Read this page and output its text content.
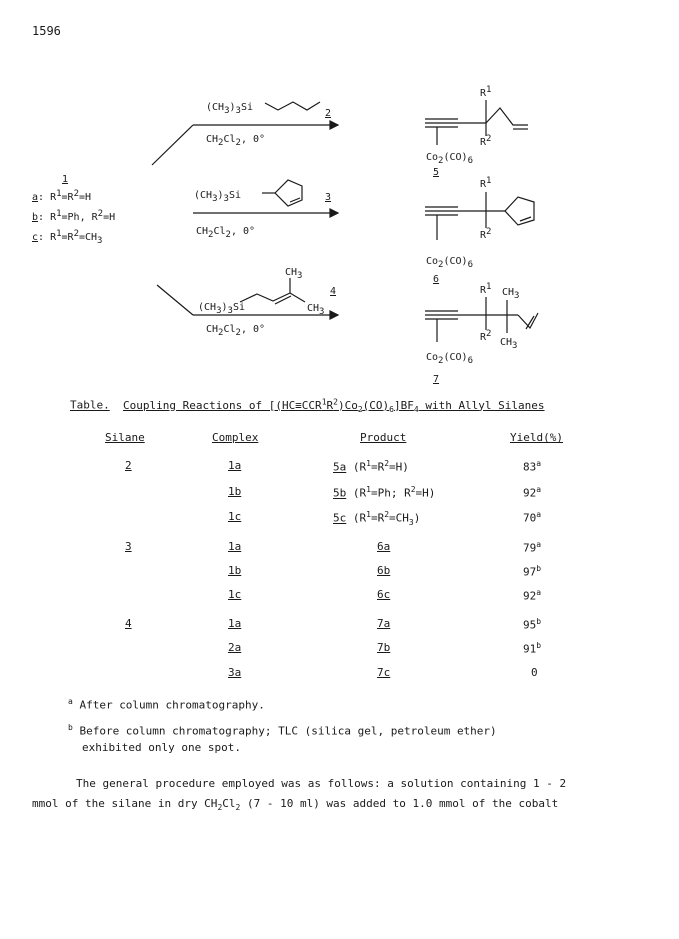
1596
1
a: R1=R2=H
b: R1=Ph, R2=H
c: R1=R2=CH3
(CH3)3Si
2
CH2Cl2, 0°
(CH3)3Si	3
CH2Cl2, 0°
(CH3)3Si
CH3
CH3
4
CH2Cl2, 0°
R1
R2
Co2(CO)6
5
R1
R2
Co2(CO)6
6
R1 CH3
R2
CH3
Co2(CO)6
7
Table. Coupling Reactions of $[(HC\equiv CCR^1R^2)Co_2(CO)_6]BF_4$ with Allyl Silanes
Silane	Complex	Product	Yield(%)
2	1a	5a $(R^1=R^2=H)$	83$^a$
1b	5b ($R^1=Ph$; $R^2=H$)	92$^a$
1c	5c $(R^1=R^2=CH_3)$	70$^a$
3	1a	6a	79$^a$
1b	6b	97$^b$
1c	6c	92$^a$
4	1a	7a	95$^b$
2a	7b	91$^b$
3a	7c	0
$^a$ After column chromatography.
$^b$ Before column chromatography; TLC (silica gel, petroleum ether)
exhibited only one spot.
The general procedure employed was as follows: a solution containing 1 - 2
mmol of the silane in dry $CH_2Cl_2$ (7 - 10 ml) was added to 1.0 mmol of the cobalt
